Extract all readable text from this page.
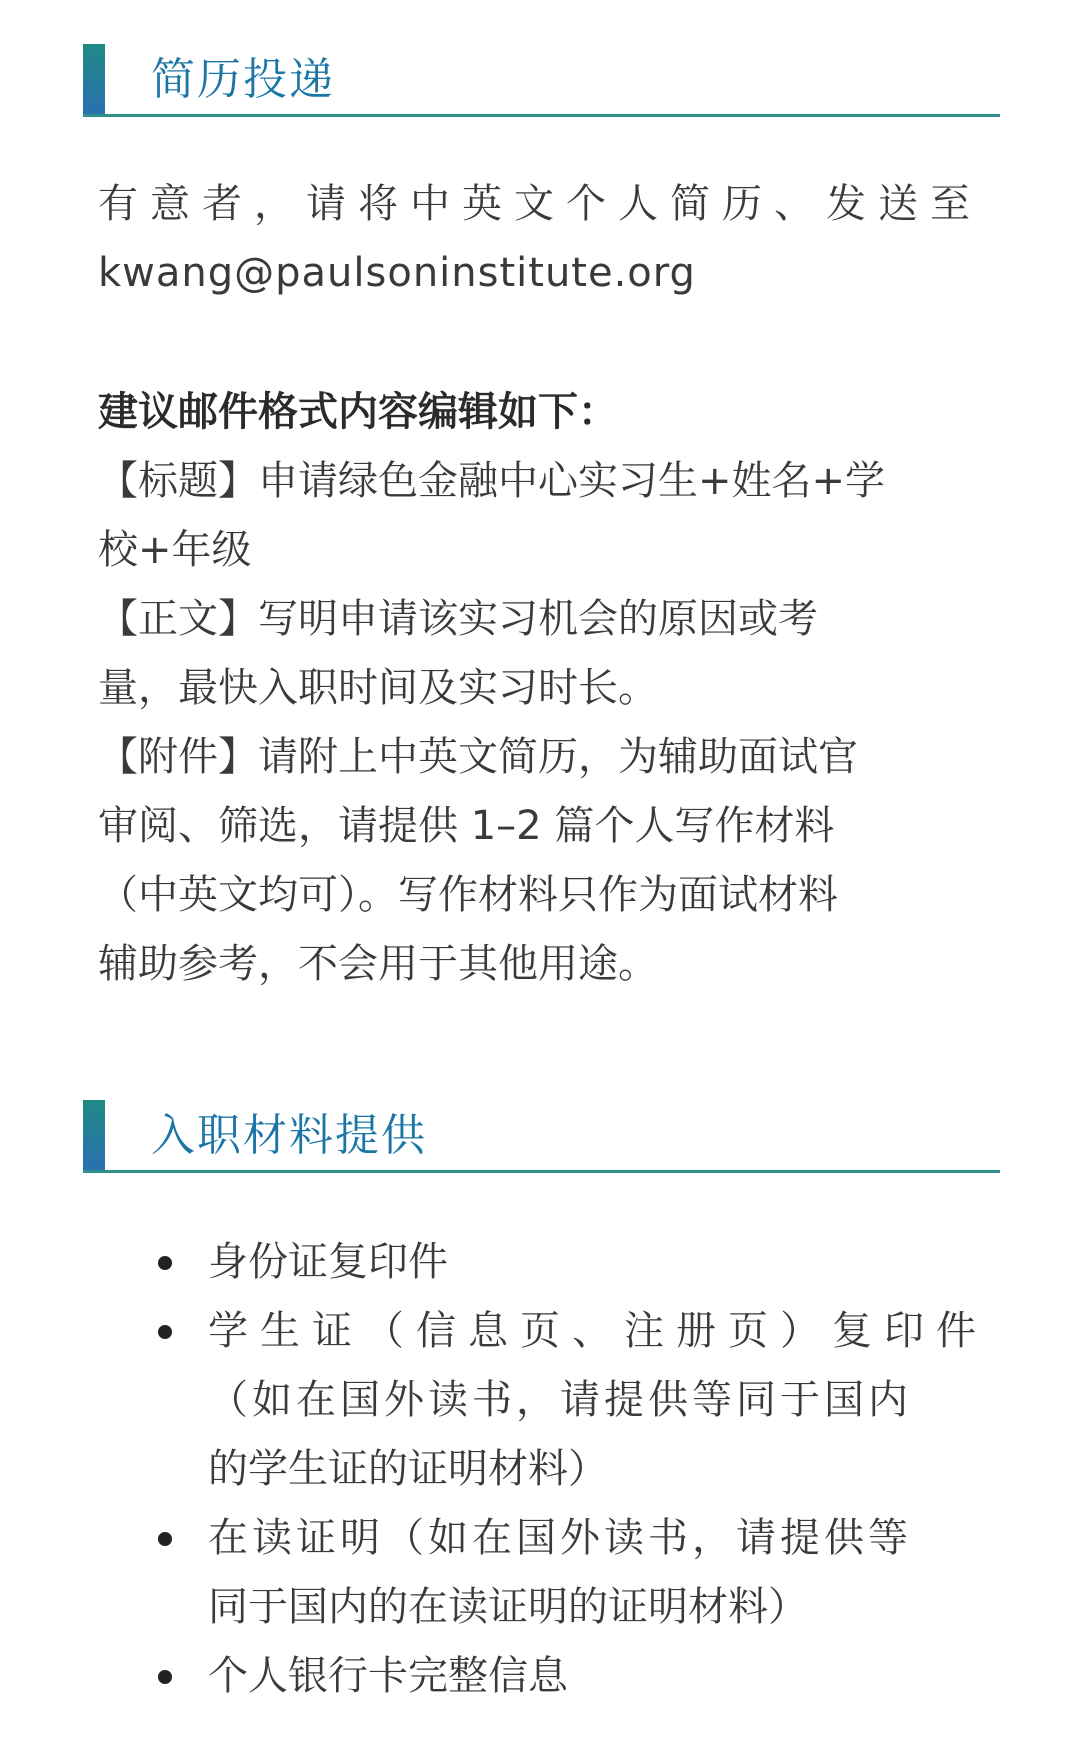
简历投递
有意者，请将中英文个人简历、发送至
kwang@paulsoninstitute.org
建议邮件格式内容编辑如下：
【标题】申请绿色金融中心实习生+姓名+学
校+年级
【正文】写明申请该实习机会的原因或考
量，最快入职时间及实习时长。
【附件】请附上中英文简历，为辅助面试官
审阅、筛选，请提供 1–2 篇个人写作材料
（中英文均可）。写作材料只作为面试材料
辅助参考，不会用于其他用途。
入职材料提供
身份证复印件
学生证（信息页、注册页）复印件
（如在国外读书，请提供等同于国内
的学生证的证明材料）
在读证明（如在国外读书，请提供等
同于国内的在读证明的证明材料）
个人银行卡完整信息
